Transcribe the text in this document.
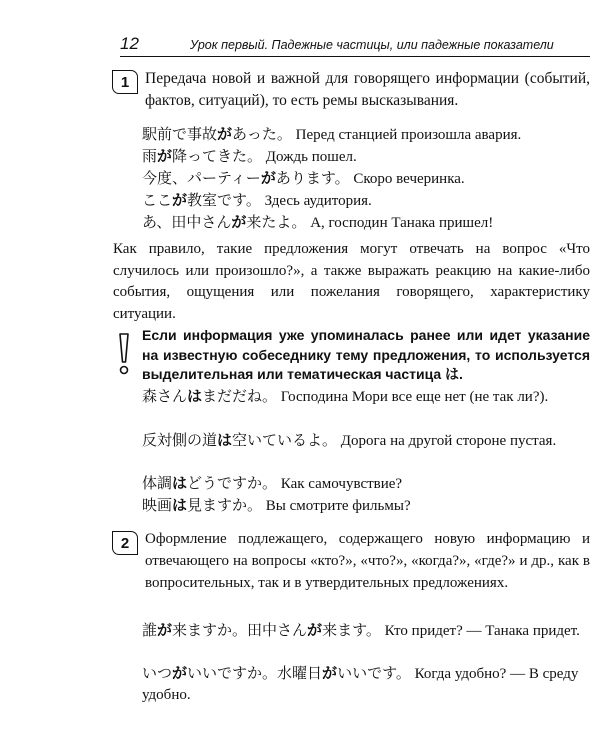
12	Урок первый. Падежные частицы, или падежные показатели
1	Передача новой и важной для говорящего информации (событий, фактов, ситуаций), то есть ремы высказывания.
駅前で事故があった。 Перед станцией произошла авария.
雨が降ってきた。 Дождь пошел.
今度、パーティーがあります。 Скоро вечеринка.
ここが教室です。 Здесь аудитория.
あ、田中さんが来たよ。 А, господин Танака пришел!
Как правило, такие предложения могут отвечать на вопрос «Что случилось или произошло?», а также выражать реакцию на какие-либо события, ощущения или пожелания говорящего, характеристику ситуации.
Если информация уже упоминалась ранее или идет указание на известную собеседнику тему предложения, то используется выделительная или тематическая частица は.
森さんはまだだね。 Господина Мори все еще нет (не так ли?).
反対側の道は空いているよ。 Дорога на другой стороне пустая.
体調はどうですか。 Как самочувствие?
映画は見ますか。 Вы смотрите фильмы?
2	Оформление подлежащего, содержащего новую информацию и отвечающего на вопросы «кто?», «что?», «когда?», «где?» и др., как в вопросительных, так и в утвердительных предложениях.
誰が来ますか。田中さんが来ます。 Кто придет? — Танака придет.
いつがいいですか。水曜日がいいです。 Когда удобно? — В среду удобно.
